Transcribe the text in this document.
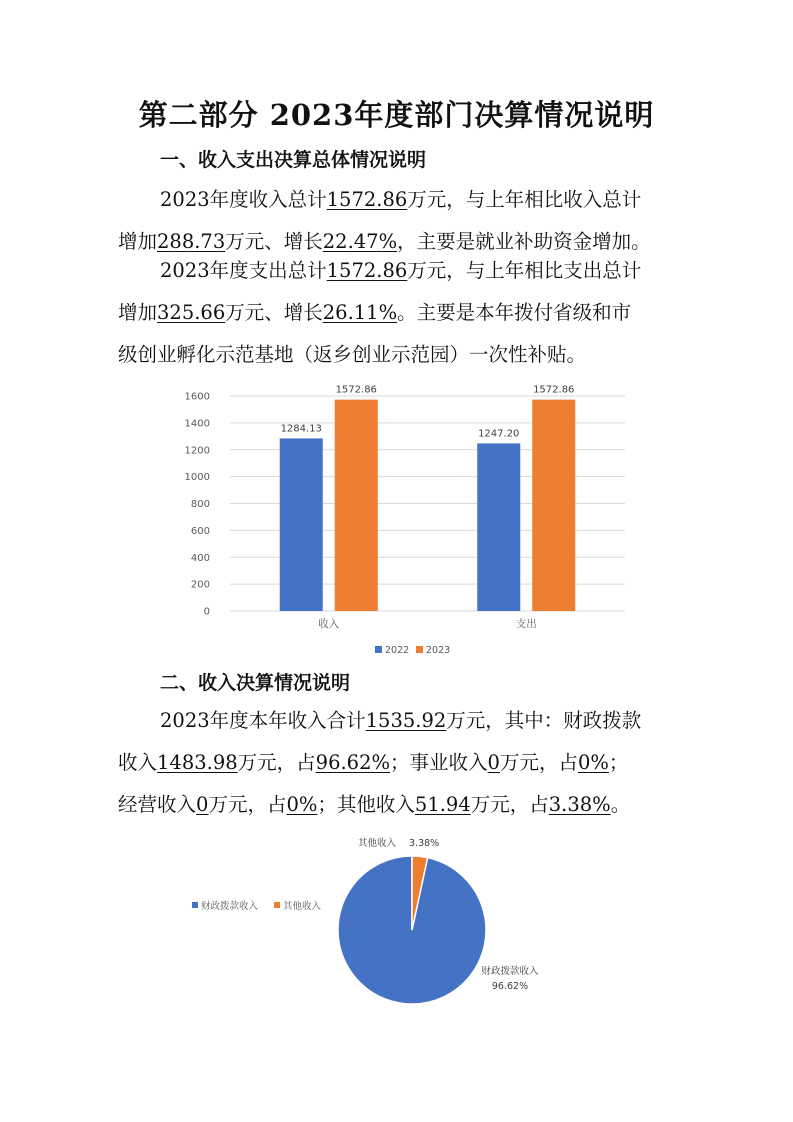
第二部分 2023年度部门决算情况说明
一、收入支出决算总体情况说明
2023年度收入总计1572.86万元，与上年相比收入总计
增加288.73万元、增长22.47%，主要是就业补助资金增加。
2023年度支出总计1572.86万元，与上年相比支出总计
增加325.66万元、增长26.11%。主要是本年拨付省级和市
级创业孵化示范基地（返乡创业示范园）一次性补贴。
0
200
400
600
800
1000
1200
1400
1600
1284.13
1572.86
1247.20
1572.86
收入	支出
2022 2023
二、收入决算情况说明
2023年度本年收入合计1535.92万元，其中：财政拨款
收入1483.98万元，占96.62%；事业收入0万元，占0%；
经营收入0万元，占0%；其他收入51.94万元，占3.38%。
财政拨款收入	其他收入
财政拨款收入
96.62%
其他收入 3.38%
